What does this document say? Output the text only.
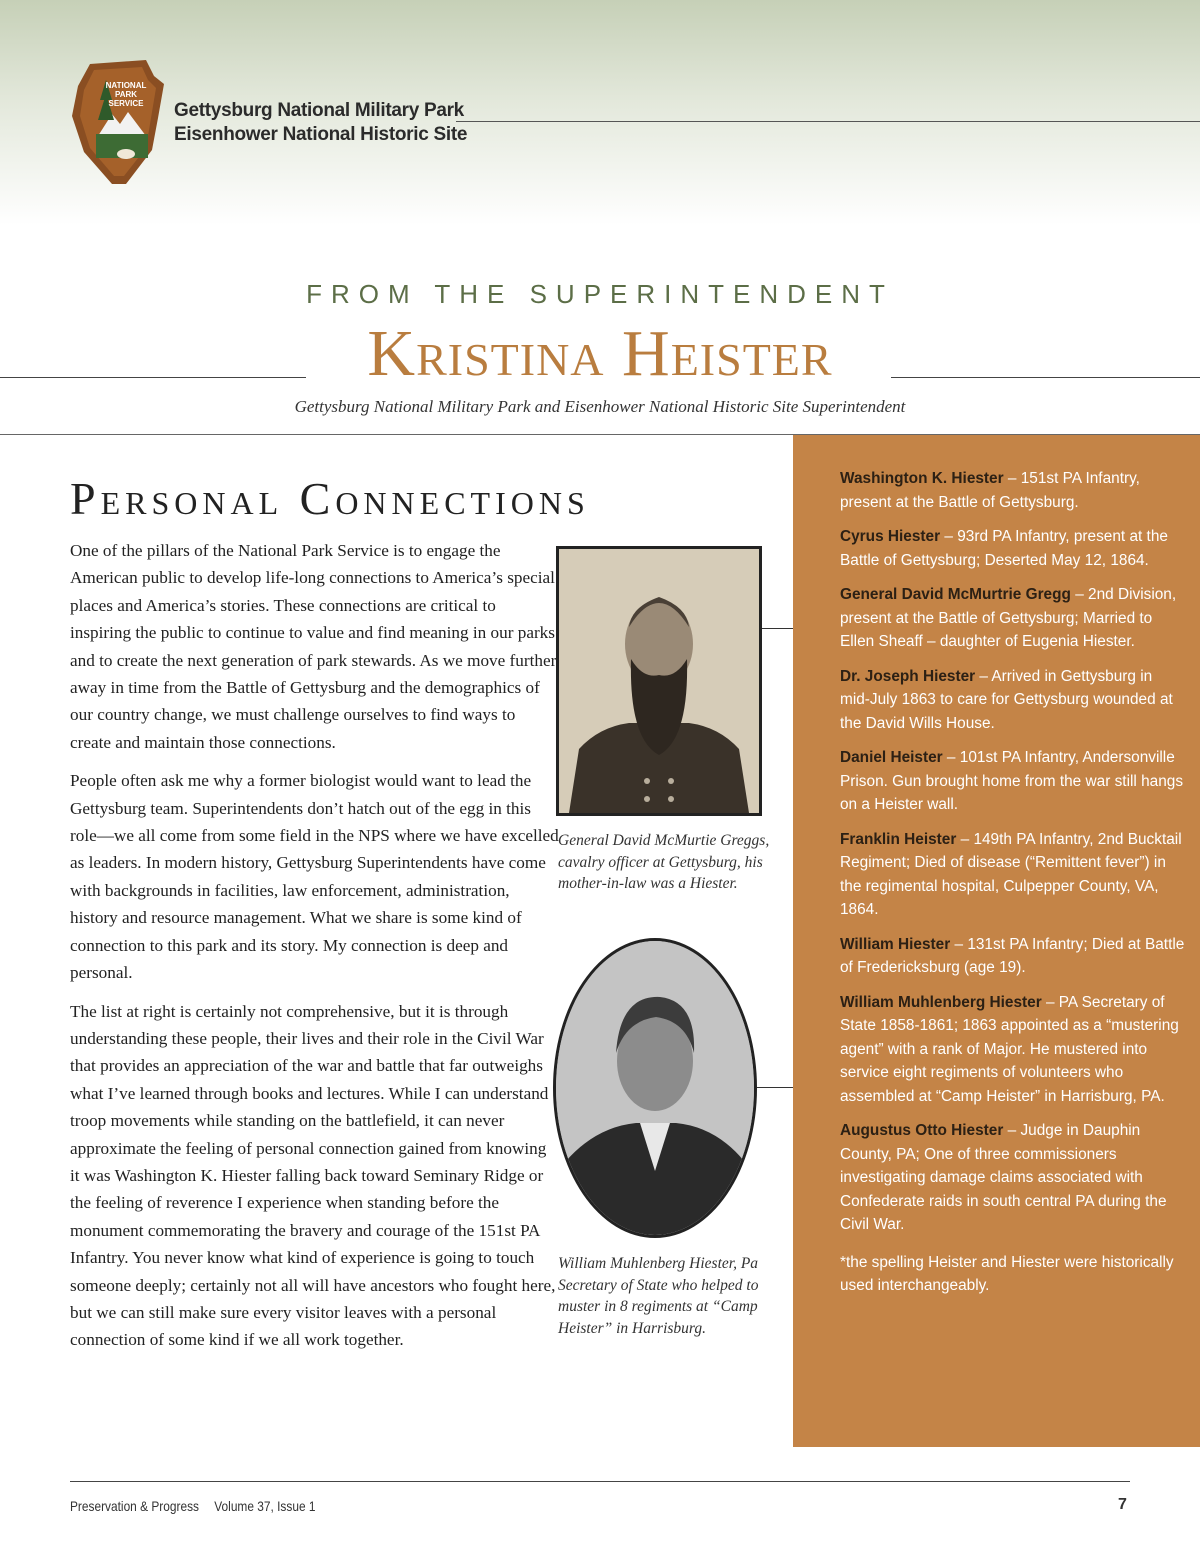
NATIONAL
PARK
SERVICE Gettysburg National Military Park
Eisenhower National Historic Site
FROM THE SUPERINTENDENT
Kristina Heister
Gettysburg National Military Park and Eisenhower National Historic Site Superintendent
Personal Connections

One of the pillars of the National Park Service is to engage the American public to develop life-long connections to America’s special places and America’s stories. These connections are critical to inspiring the public to continue to value and find meaning in our parks and to create the next generation of park stewards. As we move further away in time from the Battle of Gettysburg and the demographics of our country change, we must challenge ourselves to find ways to create and maintain those connections.

People often ask me why a former biologist would want to lead the Gettysburg team. Superintendents don’t hatch out of the egg in this role—we all come from some field in the NPS where we have excelled as leaders. In modern history, Gettysburg Superintendents have come with backgrounds in facilities, law enforcement, administration, history and resource management. What we share is some kind of connection to this park and its story. My connection is deep and personal.

The list at right is certainly not comprehensive, but it is through understanding these people, their lives and their role in the Civil War that provides an appreciation of the war and battle that far outweighs what I’ve learned through books and lectures. While I can understand troop movements while standing on the battlefield, it can never approximate the feeling of personal connection gained from knowing it was Washington K. Hiester falling back toward Seminary Ridge or the feeling of reverence I experience when standing before the monument commemorating the bravery and courage of the 151st PA Infantry. You never know what kind of experience is going to touch someone deeply; certainly not all will have ancestors who fought here, but we can still make sure every visitor leaves with a personal connection of some kind if we all work together.

General David McMurtie Greggs, cavalry officer at Gettysburg, his mother-in-law was a Hiester.
William Muhlenberg Hiester, Pa Secretary of State who helped to muster in 8 regiments at “Camp Heister” in Harrisburg.
Washington K. Hiester – 151st PA Infantry, present at the Battle of Gettysburg.
Cyrus Hiester – 93rd PA Infantry, present at the Battle of Gettysburg; Deserted May 12, 1864.
General David McMurtrie Gregg – 2nd Division, present at the Battle of Gettysburg; Married to Ellen Sheaff – daughter of Eugenia Hiester.
Dr. Joseph Hiester – Arrived in Gettysburg in mid-July 1863 to care for Gettysburg wounded at the David Wills House.
Daniel Heister – 101st PA Infantry, Andersonville Prison. Gun brought home from the war still hangs on a Heister wall.
Franklin Heister – 149th PA Infantry, 2nd Bucktail Regiment; Died of disease (“Remittent fever”) in the regimental hospital, Culpepper County, VA, 1864.
William Hiester – 131st PA Infantry; Died at Battle of Fredericksburg (age 19).
William Muhlenberg Hiester – PA Secretary of State 1858-1861; 1863 appointed as a “mustering agent” with a rank of Major. He mustered into service eight regiments of volunteers who assembled at “Camp Heister” in Harrisburg, PA.
Augustus Otto Hiester – Judge in Dauphin County, PA; One of three commissioners investigating damage claims associated with Confederate raids in south central PA during the Civil War.
*the spelling Heister and Hiester were historically used interchangeably.
Preservation & Progress Volume 37, Issue 1	7
